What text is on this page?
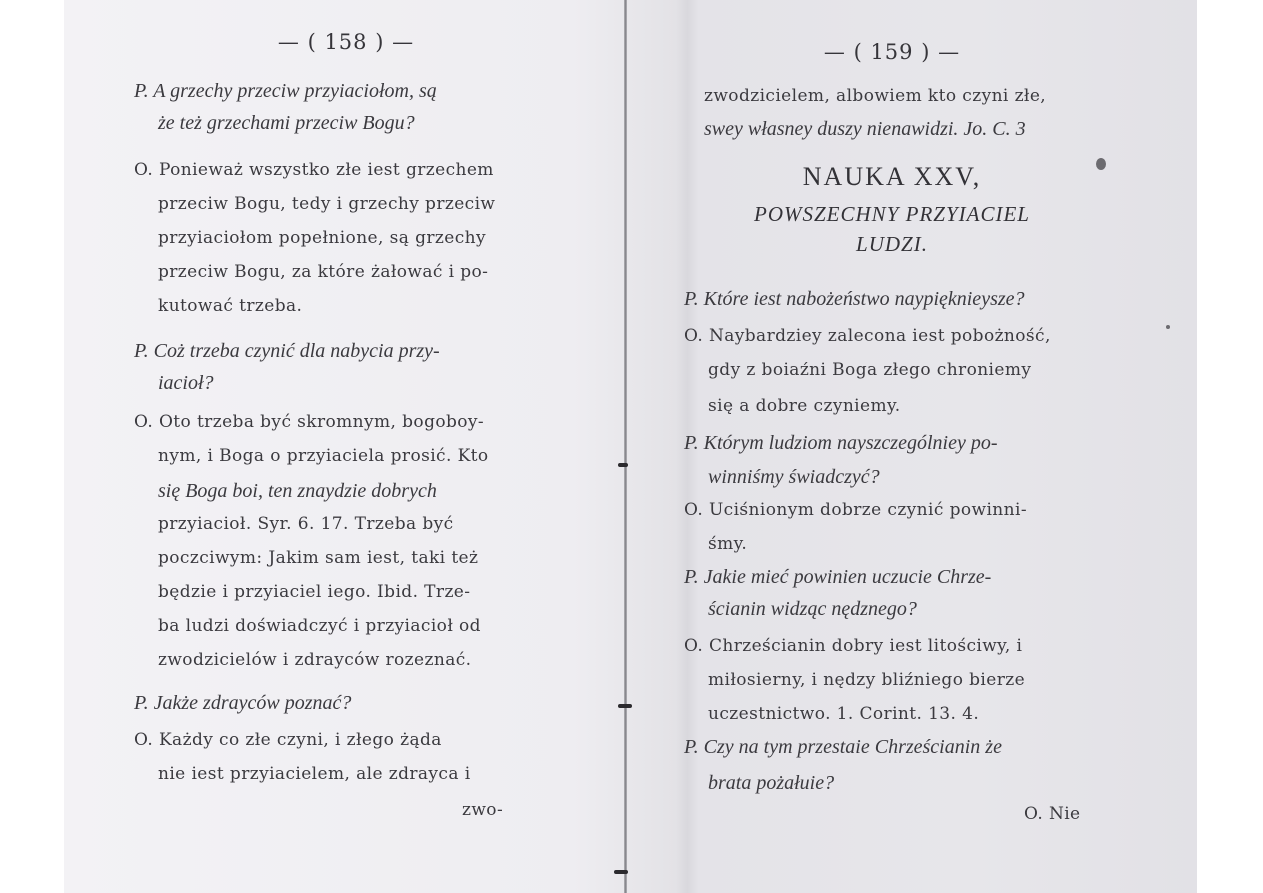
— ( 158 ) —
P. A grzechy przeciw przyiaciołom, są
że też grzechami przeciw Bogu?
O. Ponieważ wszystko złe iest grzechem
przeciw Bogu, tedy i grzechy przeciw
przyiaciołom popełnione, są grzechy
przeciw Bogu, za które żałować i po-
kutować trzeba.
P. Coż trzeba czynić dla nabycia przy-
iacioł?
O. Oto trzeba być skromnym, bogoboy-
nym, i Boga o przyiaciela prosić. Kto
się Boga boi, ten znaydzie dobrych
przyiacioł. Syr. 6. 17. Trzeba być
poczciwym: Jakim sam iest, taki też
będzie i przyiaciel iego. Ibid. Trze-
ba ludzi doświadczyć i przyiacioł od
zwodzicielów i zdrayców rozeznać.
P. Jakże zdrayców poznać?
O. Każdy co złe czyni, i złego żąda
nie iest przyiacielem, ale zdrayca i
zwo-
— ( 159 ) —
zwodzicielem, albowiem kto czyni złe,
swey własney duszy nienawidzi. Jo. C. 3
NAUKA XXV,
POWSZECHNY PRZYIACIEL
LUDZI.
P. Które iest nabożeństwo naypięknieysze?
O. Naybardziey zalecona iest pobożność,
gdy z boiaźni Boga złego chroniemy
się a dobre czyniemy.
P. Którym ludziom nayszczególniey po-
winniśmy świadczyć?
O. Uciśnionym dobrze czynić powinni-
śmy.
P. Jakie mieć powinien uczucie Chrze-
ścianin widząc nędznego?
O. Chrześcianin dobry iest litościwy, i
miłosierny, i nędzy bliźniego bierze
uczestnictwo. 1. Corint. 13. 4.
P. Czy na tym przestaie Chrześcianin że
brata pożałuie?
O. Nie
